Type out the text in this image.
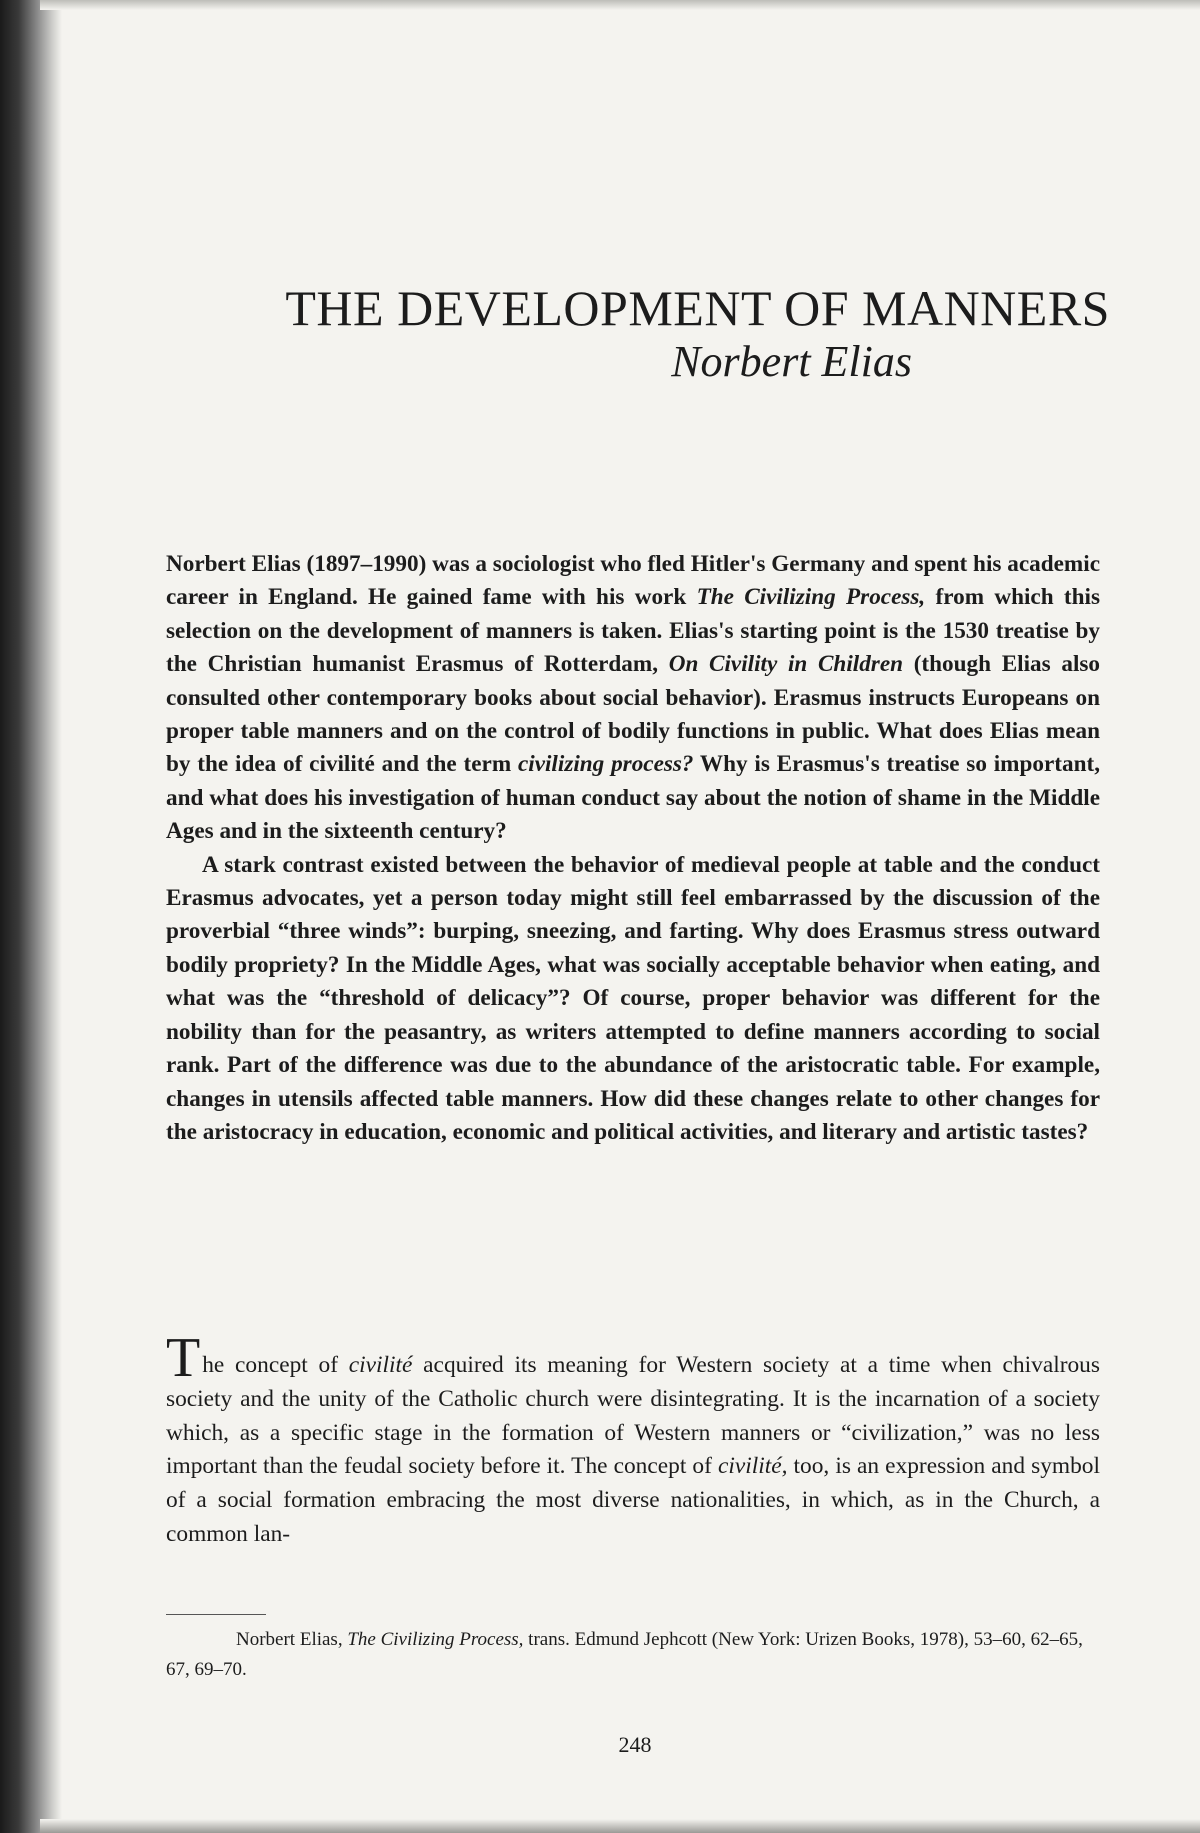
THE DEVELOPMENT OF MANNERS

Norbert Elias

Norbert Elias (1897–1990) was a sociologist who fled Hitler's Germany and spent his academic career in England. He gained fame with his work The Civilizing Process, from which this selection on the development of manners is taken. Elias's starting point is the 1530 treatise by the Christian humanist Erasmus of Rotterdam, On Civility in Children (though Elias also consulted other contemporary books about social behavior). Erasmus instructs Europeans on proper table manners and on the control of bodily functions in public. What does Elias mean by the idea of civilité and the term civilizing process? Why is Erasmus's treatise so important, and what does his investigation of human conduct say about the notion of shame in the Middle Ages and in the sixteenth century?

A stark contrast existed between the behavior of medieval people at table and the conduct Erasmus advocates, yet a person today might still feel embarrassed by the discussion of the proverbial “three winds”: burping, sneezing, and farting. Why does Erasmus stress outward bodily propriety? In the Middle Ages, what was socially acceptable behavior when eating, and what was the “threshold of delicacy”? Of course, proper behavior was different for the nobility than for the peasantry, as writers attempted to define manners according to social rank. Part of the difference was due to the abundance of the aristocratic table. For example, changes in utensils affected table manners. How did these changes relate to other changes for the aristocracy in education, economic and political activities, and literary and artistic tastes?

The concept of civilité acquired its meaning for Western society at a time when chivalrous society and the unity of the Catholic church were disintegrating. It is the incarnation of a society which, as a specific stage in the formation of Western manners or “civilization,” was no less important than the feudal society before it. The concept of civilité, too, is an expression and symbol of a social formation embracing the most diverse nationalities, in which, as in the Church, a common lan-

Norbert Elias, The Civilizing Process, trans. Edmund Jephcott (New York: Urizen Books, 1978), 53–60, 62–65, 67, 69–70.
248
